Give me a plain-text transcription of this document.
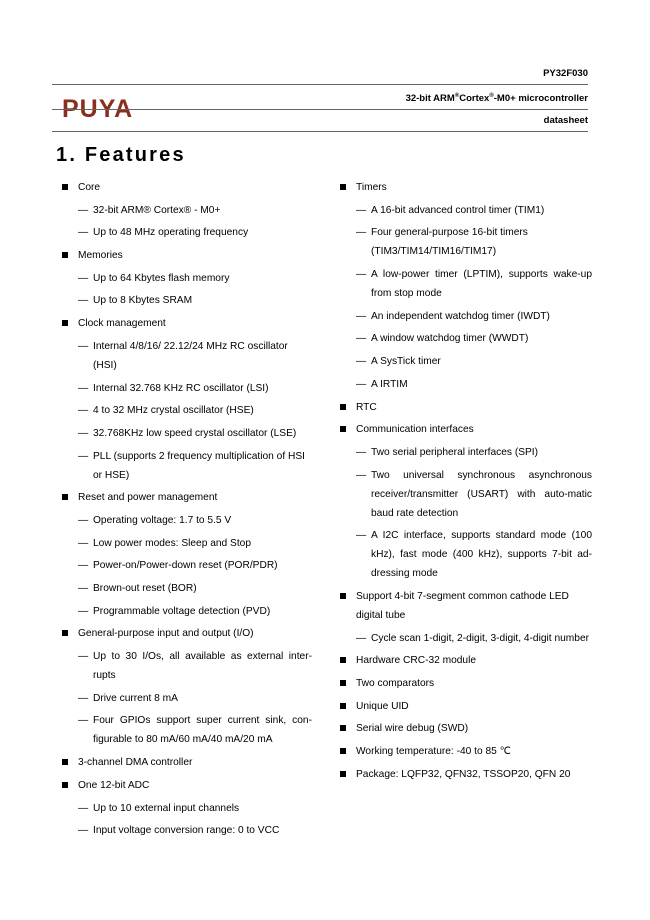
PUYA
PY32F030
32-bit ARM®Cortex®-M0+ microcontroller
datasheet
1. Features
Core
— 32-bit ARM® Cortex® - M0+
— Up to 48 MHz operating frequency
Memories
— Up to 64 Kbytes flash memory
— Up to 8 Kbytes SRAM
Clock management
— Internal 4/8/16/ 22.12/24 MHz RC oscillator (HSI)
— Internal 32.768 KHz RC oscillator (LSI)
— 4 to 32 MHz crystal oscillator (HSE)
— 32.768KHz low speed crystal oscillator (LSE)
— PLL (supports 2 frequency multiplication of HSI or HSE)
Reset and power management
— Operating voltage: 1.7 to 5.5 V
— Low power modes: Sleep and Stop
— Power-on/Power-down reset (POR/PDR)
— Brown-out reset (BOR)
— Programmable voltage detection (PVD)
General-purpose input and output (I/O)
— Up to 30 I/Os, all available as external inter-rupts
— Drive current 8 mA
— Four GPIOs support super current sink, con-figurable to 80 mA/60 mA/40 mA/20 mA
3-channel DMA controller
One 12-bit ADC
— Up to 10 external input channels
— Input voltage conversion range: 0 to VCC
Timers
— A 16-bit advanced control timer (TIM1)
— Four general-purpose 16-bit timers (TIM3/TIM14/TIM16/TIM17)
— A low-power timer (LPTIM), supports wake-up from stop mode
— An independent watchdog timer (IWDT)
— A window watchdog timer (WWDT)
— A SysTick timer
— A IRTIM
RTC
Communication interfaces
— Two serial peripheral interfaces (SPI)
— Two universal synchronous asynchronous receiver/transmitter (USART) with auto-matic baud rate detection
— A I2C interface, supports standard mode (100 kHz), fast mode (400 kHz), supports 7-bit ad-dressing mode
Support 4-bit 7-segment common cathode LED digital tube
— Cycle scan 1-digit, 2-digit, 3-digit, 4-digit number
Hardware CRC-32 module
Two comparators
Unique UID
Serial wire debug (SWD)
Working temperature: -40 to 85 ℃
Package: LQFP32, QFN32, TSSOP20, QFN 20
